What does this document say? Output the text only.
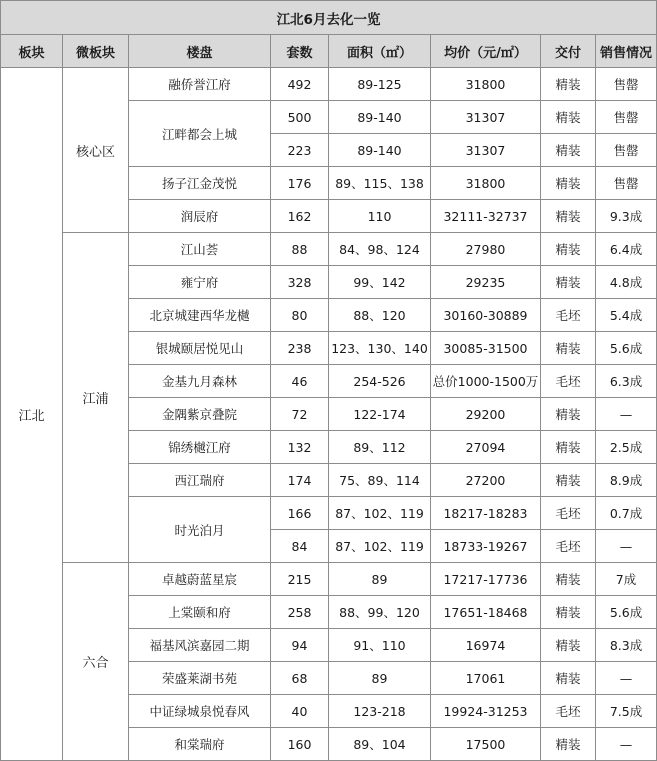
江北6月去化一览							
板块	微板块	楼盘	套数	面积（㎡）	均价（元/㎡）	交付	销售情况
江北	核心区	融侨誉江府	492	89-125	31800	精装	售罄
		江畔都会上城	500	89-140	31307	精装	售罄
			223	89-140	31307	精装	售罄
		扬子江金茂悦	176	89、115、138	31800	精装	售罄
		润辰府	162	110	32111-32737	精装	9.3成
	江浦	江山荟	88	84、98、124	27980	精装	6.4成
		雍宁府	328	99、142	29235	精装	4.8成
		北京城建西华龙樾	80	88、120	30160-30889	毛坯	5.4成
		银城颐居悦见山	238	123、130、140	30085-31500	精装	5.6成
		金基九月森林	46	254-526	总价1000-1500万	毛坯	6.3成
		金隅紫京叠院	72	122-174	29200	精装	—
		锦绣樾江府	132	89、112	27094	精装	2.5成
		西江瑞府	174	75、89、114	27200	精装	8.9成
		时光泊月	166	87、102、119	18217-18283	毛坯	0.7成
			84	87、102、119	18733-19267	毛坯	—
	六合	卓越蔚蓝星宸	215	89	17217-17736	精装	7成
		上棠颐和府	258	88、99、120	17651-18468	精装	5.6成
		福基风滨嘉园二期	94	91、110	16974	精装	8.3成
		荣盛莱湖书苑	68	89	17061	精装	—
		中证绿城泉悦春风	40	123-218	19924-31253	毛坯	7.5成
		和棠瑞府	160	89、104	17500	精装	—
